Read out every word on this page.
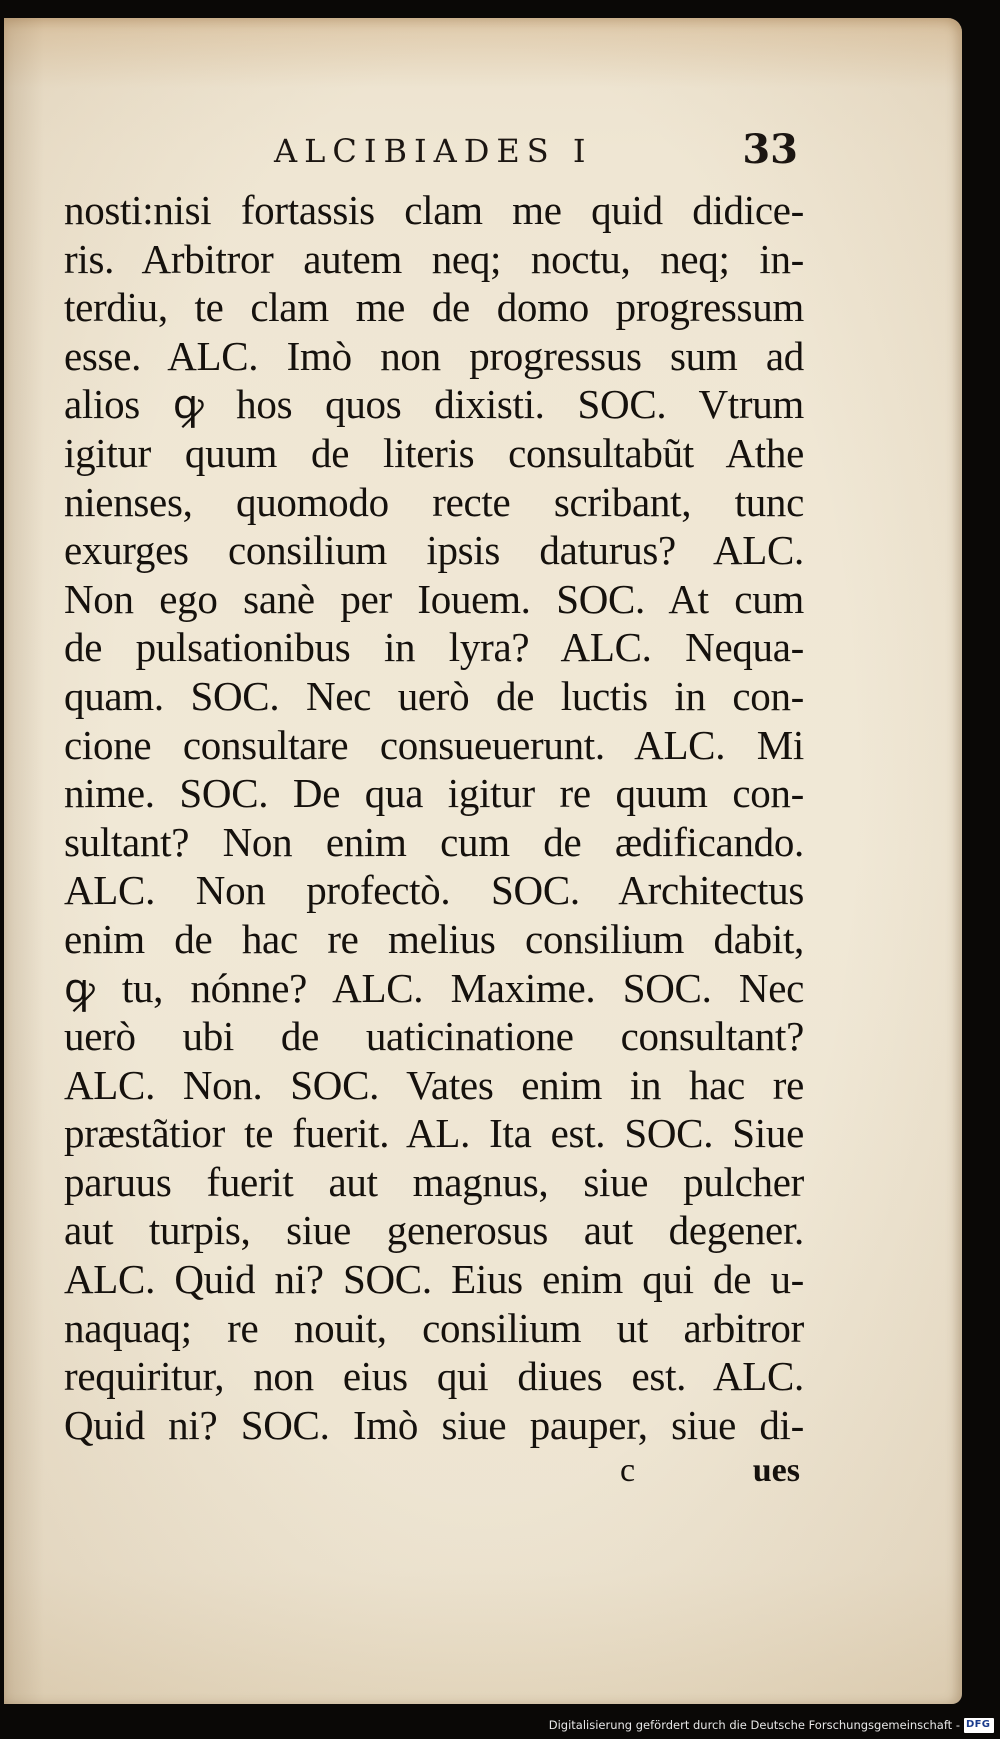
ALCIBIADES I	33
nosti:nisi fortassis clam me quid didice-
ris. Arbitror autem neq; noctu, neq; in-
terdiu, te clam me de domo progressum
esse. ALC. Imò non progressus sum ad
alios ꝙ hos quos dixisti. SOC. Vtrum
igitur quum de literis consultabũt Athe
nienses, quomodo recte scribant, tunc
exurges consilium ipsis daturus? ALC.
Non ego sanè per Iouem. SOC. At cum
de pulsationibus in lyra? ALC. Nequa-
quam. SOC. Nec uerò de luctis in con-
cione consultare consueuerunt. ALC. Mi
nime. SOC. De qua igitur re quum con-
sultant? Non enim cum de ædificando.
ALC. Non profectò. SOC. Architectus
enim de hac re melius consilium dabit,
ꝙ tu, nónne? ALC. Maxime. SOC. Nec
uerò ubi de uaticinatione consultant?
ALC. Non. SOC. Vates enim in hac re
præstãtior te fuerit. AL. Ita est. SOC. Siue
paruus fuerit aut magnus, siue pulcher
aut turpis, siue generosus aut degener.
ALC. Quid ni? SOC. Eius enim qui de u-
naquaq; re nouit, consilium ut arbitror
requiritur, non eius qui diues est. ALC.
Quid ni? SOC. Imò siue pauper, siue di-
c	ues
Digitalisierung gefördert durch die Deutsche Forschungsgemeinschaft - DFG
